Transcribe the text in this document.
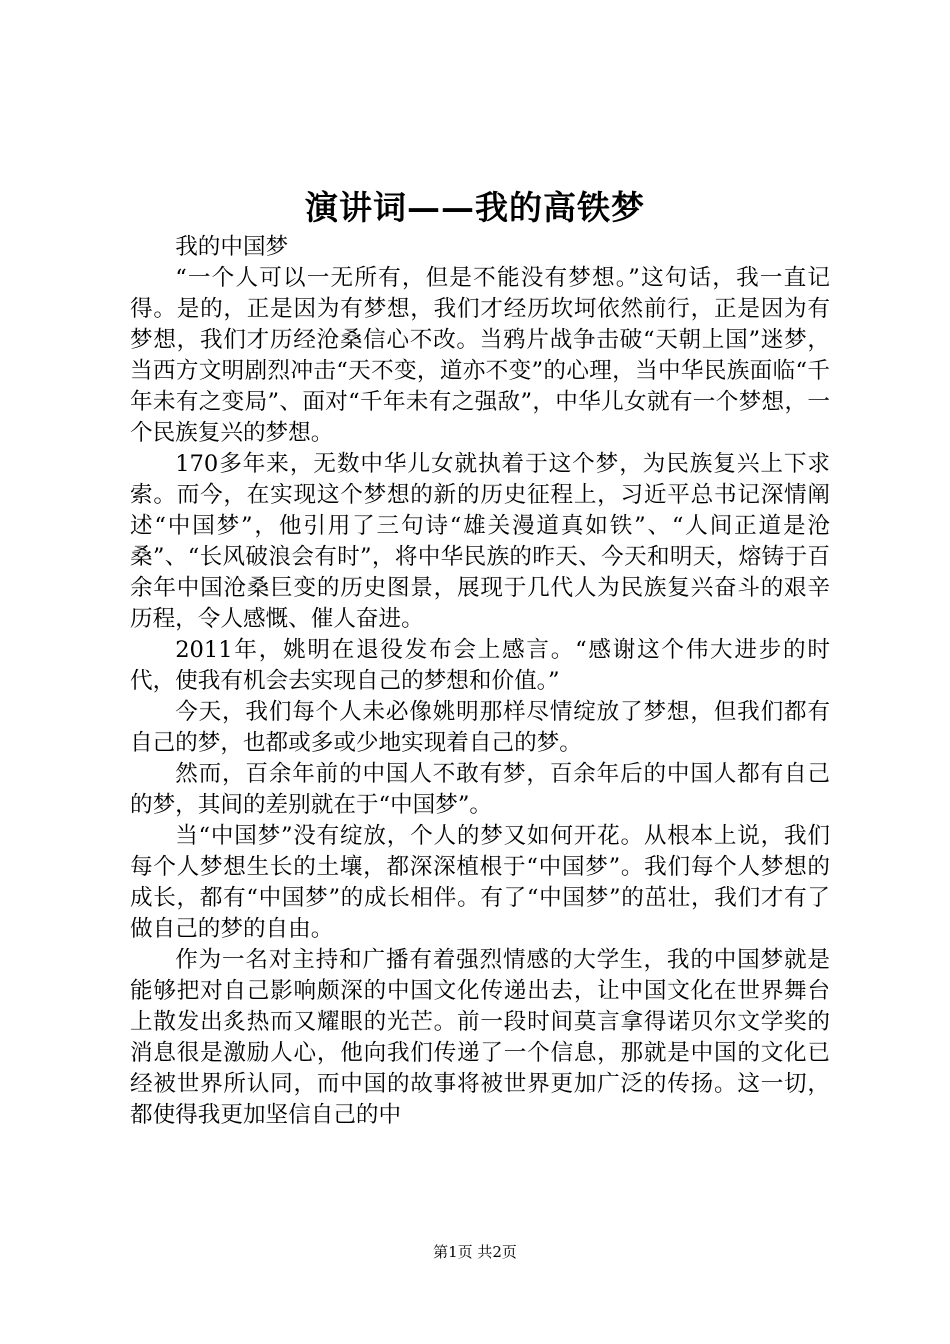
演讲词——我的高铁梦

我的中国梦

“一个人可以一无所有，但是不能没有梦想。”这句话，我一直记得。是的，正是因为有梦想，我们才经历坎坷依然前行，正是因为有梦想，我们才历经沧桑信心不改。当鸦片战争击破“天朝上国”迷梦，当西方文明剧烈冲击“天不变，道亦不变”的心理，当中华民族面临“千年未有之变局”、面对“千年未有之强敌”，中华儿女就有一个梦想，一个民族复兴的梦想。

170多年来，无数中华儿女就执着于这个梦，为民族复兴上下求索。而今，在实现这个梦想的新的历史征程上，习近平总书记深情阐述“中国梦”，他引用了三句诗“雄关漫道真如铁”、“人间正道是沧桑”、“长风破浪会有时”，将中华民族的昨天、今天和明天，熔铸于百余年中国沧桑巨变的历史图景，展现于几代人为民族复兴奋斗的艰辛历程，令人感慨、催人奋进。

2011年，姚明在退役发布会上感言。“感谢这个伟大进步的时代，使我有机会去实现自己的梦想和价值。”

今天，我们每个人未必像姚明那样尽情绽放了梦想，但我们都有自己的梦，也都或多或少地实现着自己的梦。

然而，百余年前的中国人不敢有梦，百余年后的中国人都有自己的梦，其间的差别就在于“中国梦”。

当“中国梦”没有绽放，个人的梦又如何开花。从根本上说，我们每个人梦想生长的土壤，都深深植根于“中国梦”。我们每个人梦想的成长，都有“中国梦”的成长相伴。有了“中国梦”的茁壮，我们才有了做自己的梦的自由。

作为一名对主持和广播有着强烈情感的大学生，我的中国梦就是能够把对自己影响颇深的中国文化传递出去，让中国文化在世界舞台上散发出炙热而又耀眼的光芒。前一段时间莫言拿得诺贝尔文学奖的消息很是激励人心，他向我们传递了一个信息，那就是中国的文化已经被世界所认同，而中国的故事将被世界更加广泛的传扬。这一切，都使得我更加坚信自己的中

第1页 共2页
